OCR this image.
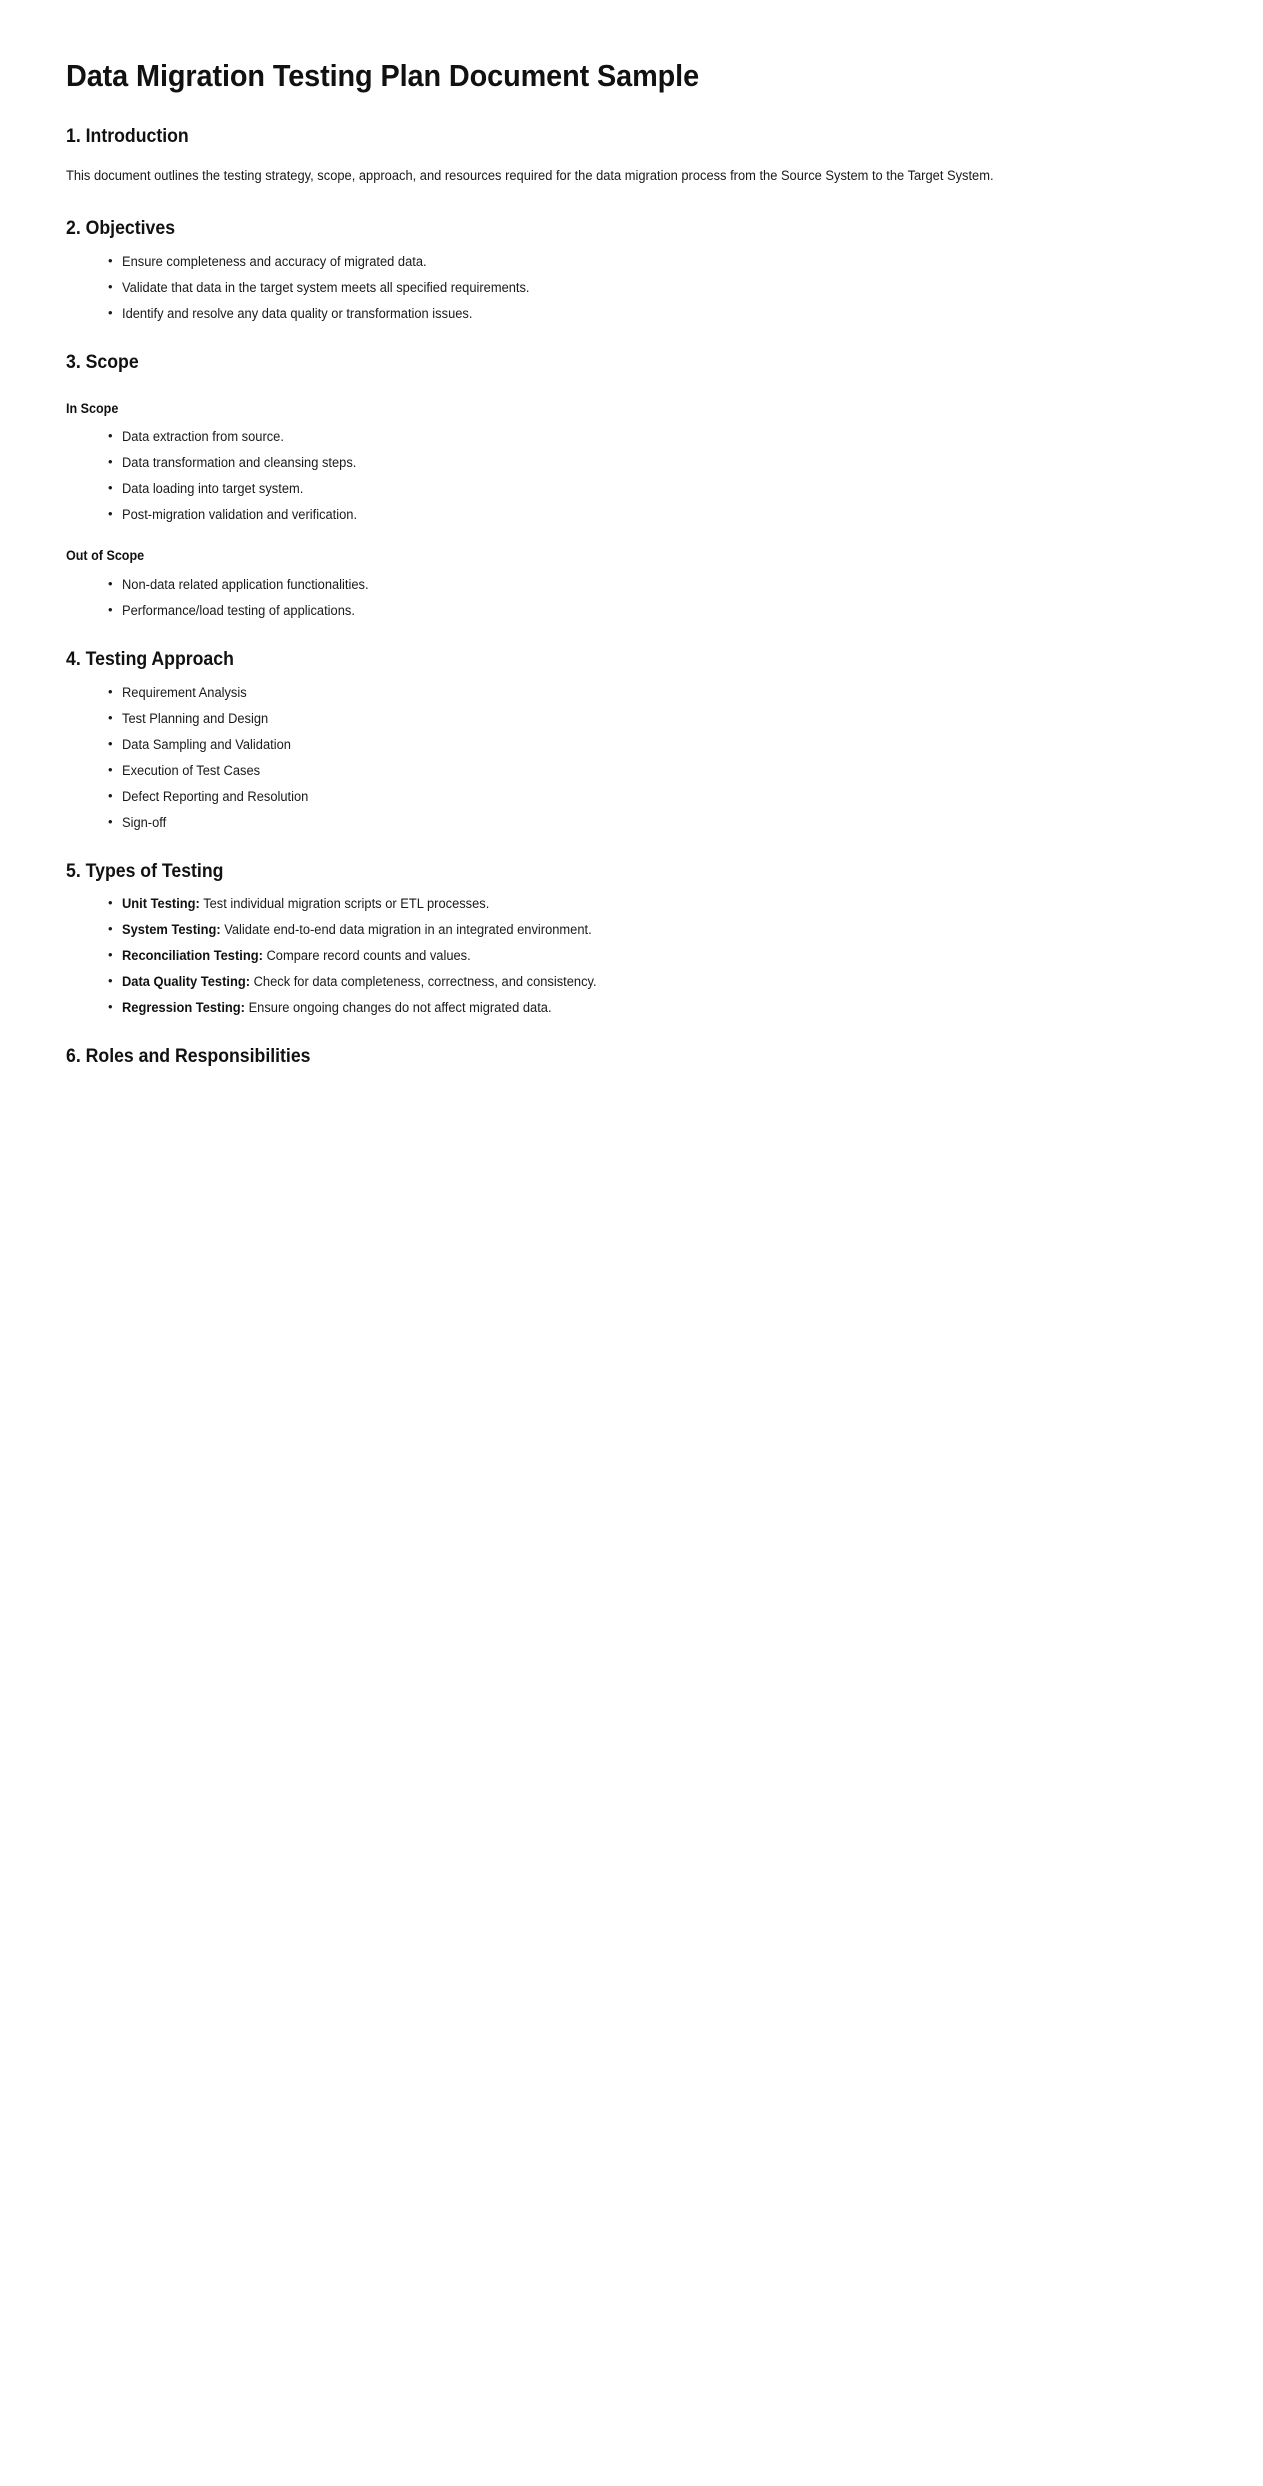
Data Migration Testing Plan Document Sample
1. Introduction

This document outlines the testing strategy, scope, approach, and resources required for the data migration process from the Source System to the Target System.

2. Objectives
• Ensure completeness and accuracy of migrated data.
• Validate that data in the target system meets all specified requirements.
• Identify and resolve any data quality or transformation issues.
3. Scope
In Scope
• Data extraction from source.
• Data transformation and cleansing steps.
• Data loading into target system.
• Post-migration validation and verification.
Out of Scope
• Non-data related application functionalities.
• Performance/load testing of applications.
4. Testing Approach
• Requirement Analysis
• Test Planning and Design
• Data Sampling and Validation
• Execution of Test Cases
• Defect Reporting and Resolution
• Sign-off
5. Types of Testing
• Unit Testing: Test individual migration scripts or ETL processes.
• System Testing: Validate end-to-end data migration in an integrated environment.
• Reconciliation Testing: Compare record counts and values.
• Data Quality Testing: Check for data completeness, correctness, and consistency.
• Regression Testing: Ensure ongoing changes do not affect migrated data.
6. Roles and Responsibilities
